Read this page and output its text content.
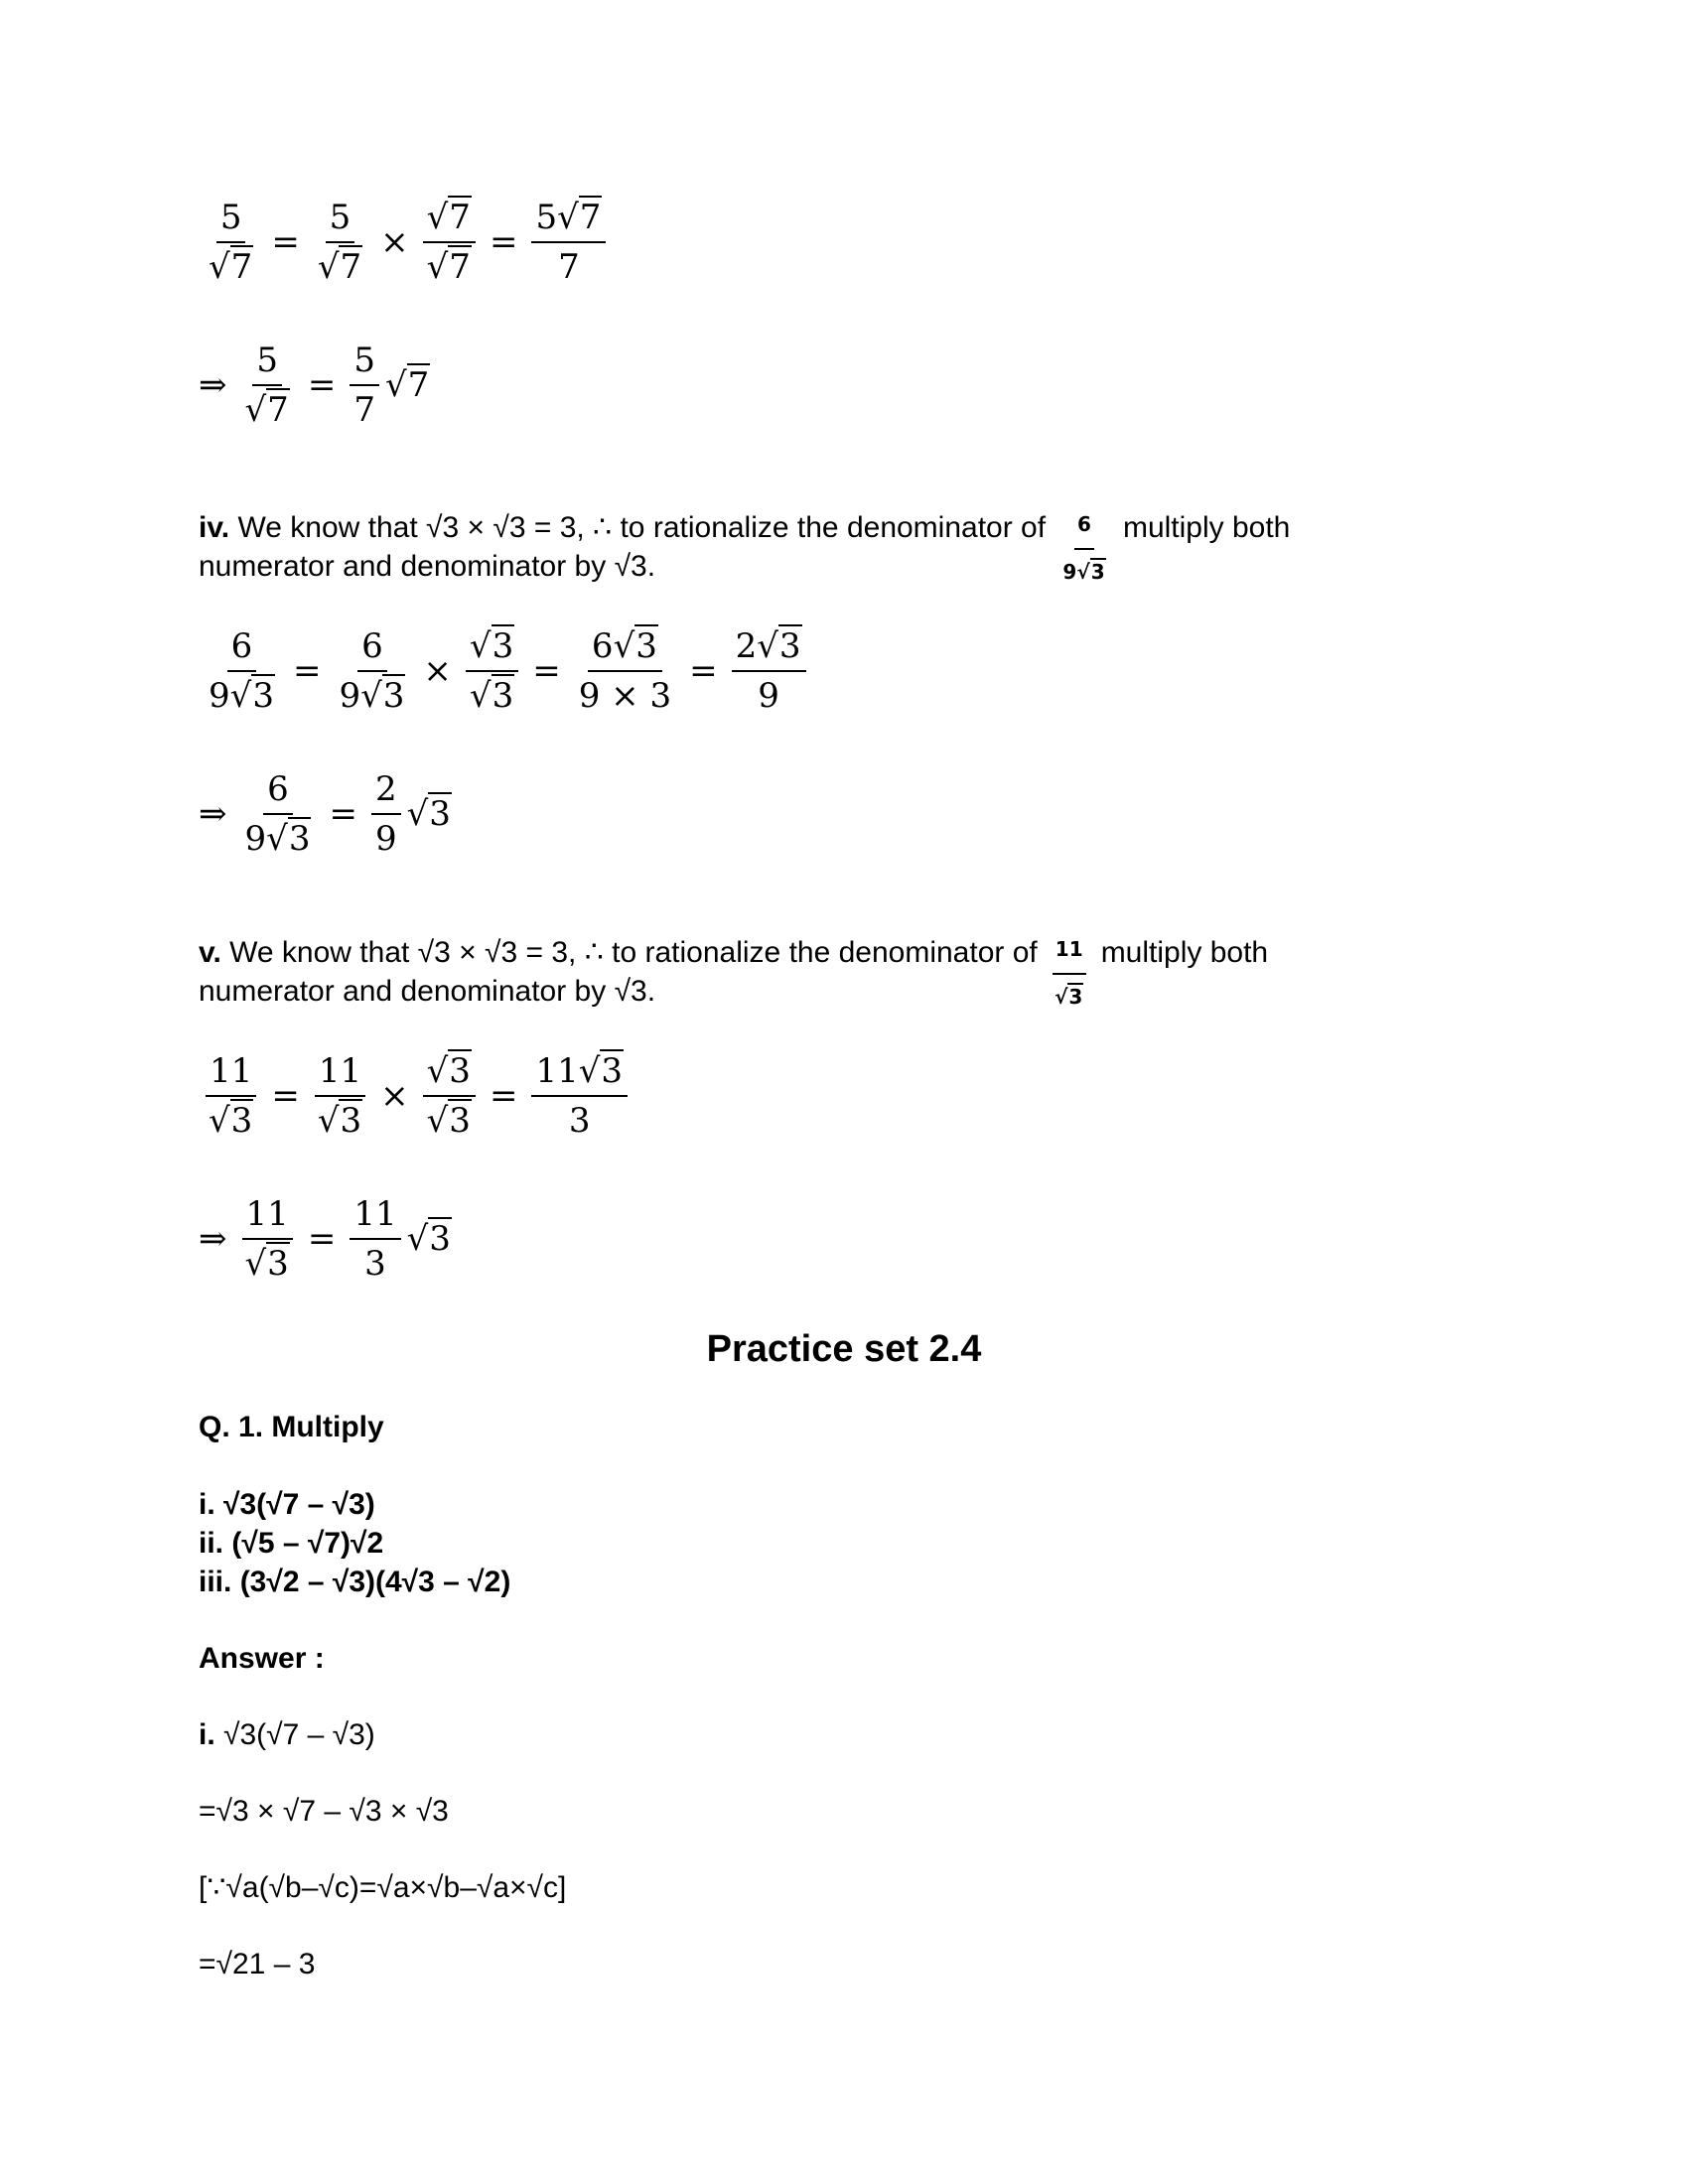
$\frac{5}{√7} = \frac{5}{√7} \times \frac{√7}{√7} = \frac{5√7}{7}$
⇒ $\frac{5}{√7} = \frac{5}{7} √7$
iv. We know that √3 × √3 = 3, ∴ to rationalize the denominator of $\frac{6}{9√3}$ multiply both
numerator and denominator by √3.
$\frac{6}{9√3} = \frac{6}{9√3} \times \frac{√3}{√3} = \frac{6√3}{9 \times 3} = \frac{2√3}{9}$
⇒ $\frac{6}{9√3} = \frac{2}{9} √3$
v. We know that √3 × √3 = 3, ∴ to rationalize the denominator of $\frac{11}{√3}$ multiply both
numerator and denominator by √3.
$\frac{11}{√3} = \frac{11}{√3} \times \frac{√3}{√3} = \frac{11√3}{3}$
⇒ $\frac{11}{√3} = \frac{11}{3} √3$
Practice set 2.4
Q. 1. Multiply
i. √3(√7 – √3)
ii. (√5 – √7)√2
iii. (3√2 – √3)(4√3 – √2)
Answer :
i. √3(√7 – √3)
=√3 × √7 – √3 × √3
[∵√a(√b–√c)=√a×√b–√a×√c]
=√21 – 3
